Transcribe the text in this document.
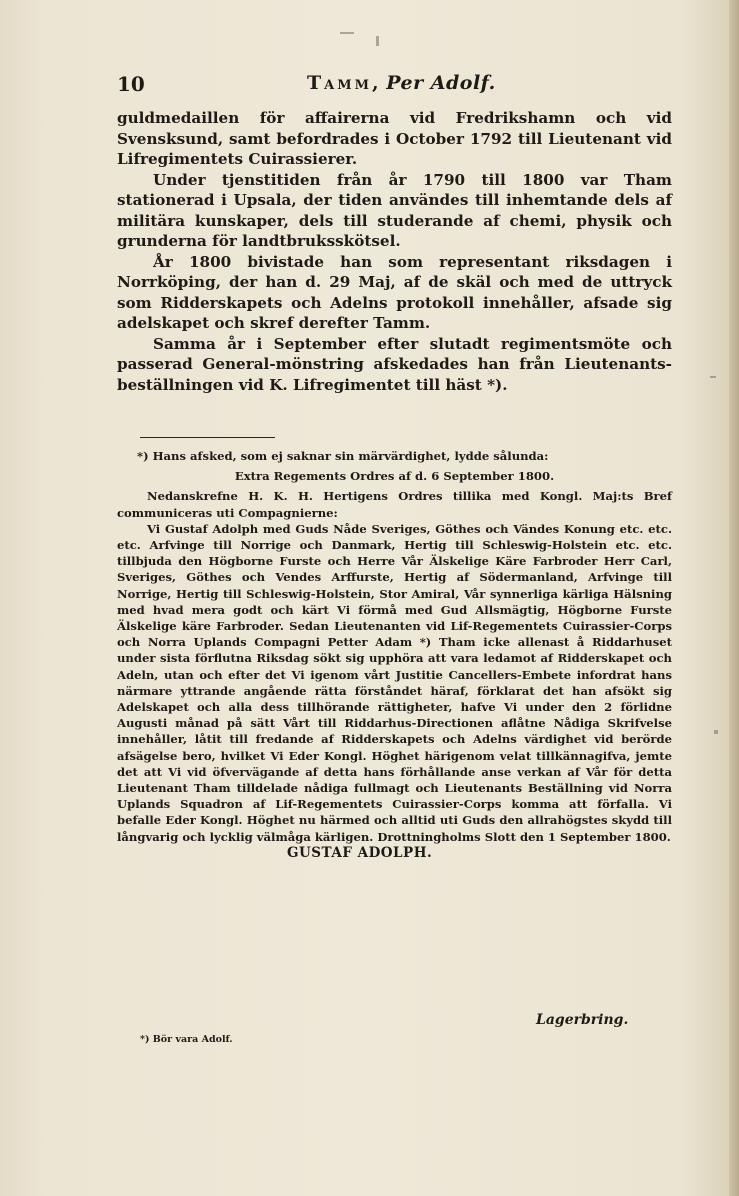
10	Tamm, Per Adolf.

guldmedaillen för affairerna vid Fredrikshamn och vid Svensksund, samt befordrades i October 1792 till Lieutenant vid Lifregimentets Cuirassierer.

Under tjenstitiden från år 1790 till 1800 var Tham stationerad i Upsala, der tiden användes till inhemtande dels af militära kunskaper, dels till studerande af chemi, physik och grunderna för landtbruksskötsel.

År 1800 bivistade han som representant riksdagen i Norrköping, der han d. 29 Maj, af de skäl och med de uttryck som Ridderskapets och Adelns protokoll innehåller, afsade sig adelskapet och skref derefter Tamm.

Samma år i September efter slutadt regimentsmöte och passerad General-mönstring afskedades han från Lieutenants-beställningen vid K. Lifregimentet till häst *).

*) Hans afsked, som ej saknar sin märvärdighet, lydde sålunda:

Extra Regements Ordres af d. 6 September 1800.

Nedanskrefne H. K. H. Hertigens Ordres tillika med Kongl. Maj:ts Bref communiceras uti Compagnierne:

Vi Gustaf Adolph med Guds Nåde Sveriges, Göthes och Vändes Konung etc. etc. etc. Arfvinge till Norrige och Danmark, Hertig till Schleswig-Holstein etc. etc. tillbjuda den Högborne Furste och Herre Vår Älskelige Käre Farbroder Herr Carl, Sveriges, Göthes och Vendes Arffurste, Hertig af Södermanland, Arfvinge till Norrige, Hertig till Schleswig-Holstein, Stor Amiral, Vår synnerliga kärliga Hälsning med hvad mera godt och kärt Vi förmå med Gud Allsmägtig, Högborne Furste Älskelige käre Farbroder. Sedan Lieutenanten vid Lif-Regementets Cuirassier-Corps och Norra Uplands Compagni Petter Adam *) Tham icke allenast å Riddarhuset under sista förflutna Riksdag sökt sig upphöra att vara ledamot af Ridderskapet och Adeln, utan och efter det Vi igenom vårt Justitie Cancellers-Embete infordrat hans närmare yttrande angående rätta förståndet häraf, förklarat det han afsökt sig Adelskapet och alla dess tillhörande rättigheter, hafve Vi under den 2 förlidne Augusti månad på sätt Vårt till Riddarhus-Directionen aflåtne Nådiga Skrifvelse innehåller, låtit till fredande af Ridderskapets och Adelns värdighet vid berörde afsägelse bero, hvilket Vi Eder Kongl. Höghet härigenom velat tillkännagifva, jemte det att Vi vid öfvervägande af detta hans förhållande anse verkan af Vår för detta Lieutenant Tham tilldelade nådiga fullmagt och Lieutenants Beställning vid Norra Uplands Squadron af Lif-Regementets Cuirassier-Corps komma att förfalla. Vi befalle Eder Kongl. Höghet nu härmed och alltid uti Guds den allrahögstes skydd till långvarig och lycklig välmåga kärligen. Drottningholms Slott den 1 September 1800.

GUSTAF ADOLPH.

Lagerbring.
*) Bör vara Adolf.
